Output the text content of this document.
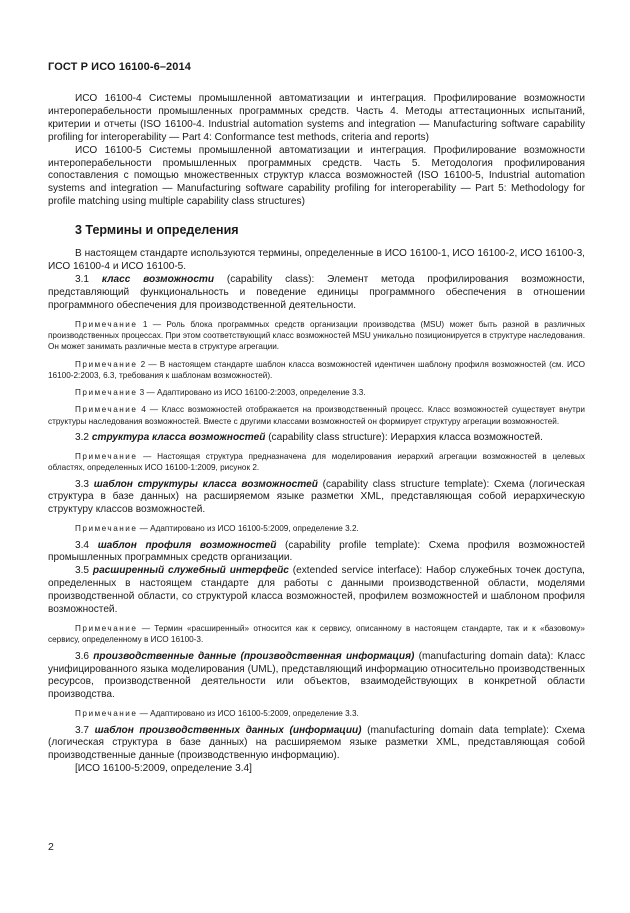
ГОСТ Р ИСО 16100-6–2014

ИСО 16100-4 Системы промышленной автоматизации и интеграция. Профилирование возможности интероперабельности промышленных программных средств. Часть 4. Методы аттестационных испытаний, критерии и отчеты (ISO 16100-4. Industrial automation systems and integration — Manufacturing software capability profiling for interoperability — Part 4: Conformance test methods, criteria and reports)

ИСО 16100-5 Системы промышленной автоматизации и интеграция. Профилирование возможности интероперабельности промышленных программных средств. Часть 5. Методология профилирования сопоставления с помощью множественных структур класса возможностей (ISO 16100-5, Industrial automation systems and integration — Manufacturing software capability profiling for interoperability — Part 5: Methodology for profile matching using multiple capability class structures)

3 Термины и определения

В настоящем стандарте используются термины, определенные в ИСО 16100-1, ИСО 16100-2, ИСО 16100-3, ИСО 16100-4 и ИСО 16100-5.

3.1 класс возможности (capability class): Элемент метода профилирования возможности, представляющий функциональность и поведение единицы программного обеспечения в отношении программного обеспечения для производственной деятельности.

Примечание 1 — Роль блока программных средств организации производства (MSU) может быть разной в различных производственных процессах. При этом соответствующий класс возможностей MSU уникально позиционируется в структуре наследования. Он может занимать различные места в структуре агрегации.

Примечание 2 — В настоящем стандарте шаблон класса возможностей идентичен шаблону профиля возможностей (см. ИСО 16100-2:2003, 6.3, требования к шаблонам возможностей).

Примечание 3 — Адаптировано из ИСО 16100-2:2003, определение 3.3.

Примечание 4 — Класс возможностей отображается на производственный процесс. Класс возможностей существует внутри структуры наследования возможностей. Вместе с другими классами возможностей он формирует структуру агрегации возможностей.

3.2 структура класса возможностей (capability class structure): Иерархия класса возможностей.

Примечание — Настоящая структура предназначена для моделирования иерархий агрегации возможностей в целевых областях, определенных ИСО 16100-1:2009, рисунок 2.

3.3 шаблон структуры класса возможностей (capability class structure template): Схема (логическая структура в базе данных) на расширяемом языке разметки XML, представляющая собой иерархическую структуру классов возможностей.

Примечание — Адаптировано из ИСО 16100-5:2009, определение 3.2.

3.4 шаблон профиля возможностей (capability profile template): Схема профиля возможностей промышленных программных средств организации.

3.5 расширенный служебный интерфейс (extended service interface): Набор служебных точек доступа, определенных в настоящем стандарте для работы с данными производственной области, моделями производственной области, со структурой класса возможностей, профилем возможностей и шаблоном профиля возможностей.

Примечание — Термин «расширенный» относится как к сервису, описанному в настоящем стандарте, так и к «базовому» сервису, определенному в ИСО 16100-3.

3.6 производственные данные (производственная информация) (manufacturing domain data): Класс унифицированного языка моделирования (UML), представляющий информацию относительно производственных ресурсов, производственной деятельности или объектов, взаимодействующих в конкретной области производства.

Примечание — Адаптировано из ИСО 16100-5:2009, определение 3.3.

3.7 шаблон производственных данных (информации) (manufacturing domain data template): Схема (логическая структура в базе данных) на расширяемом языке разметки XML, представляющая собой производственные данные (производственную информацию).

[ИСО 16100-5:2009, определение 3.4]

2
